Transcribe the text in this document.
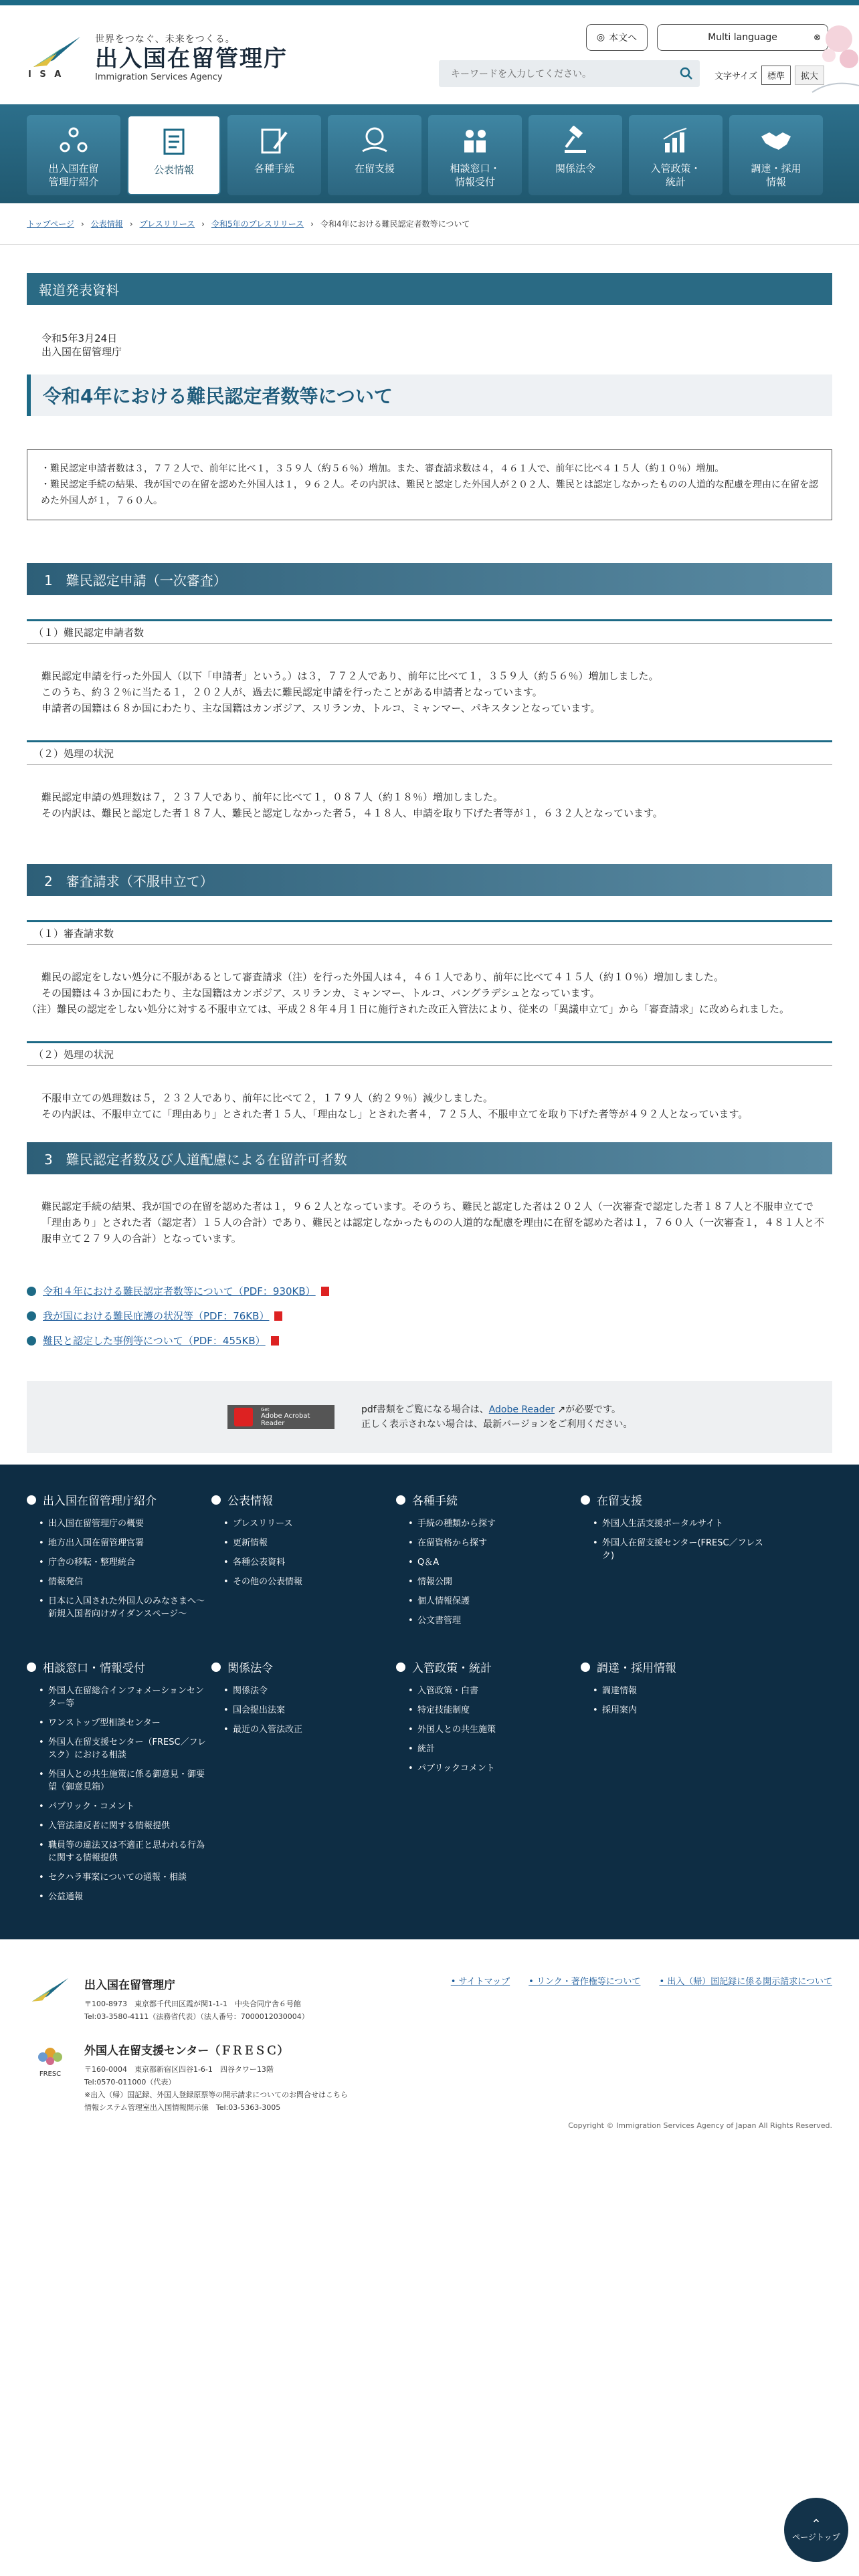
I S A
世界をつなぐ、未来をつくる。
出入国在留管理庁
Immigration Services Agency
◎ 本文へ	Multi language	⊗
キーワードを入力してください。	文字サイズ	標準	拡大
出入国在留
管理庁紹介
公表情報	各種手続	在留支援	相談窓口・
情報受付
関係法令	入管政策・
統計
調達・採用
情報
トップページ › 公表情報 › プレスリリース › 令和5年のプレスリリース › 令和4年における難民認定者数等について
報道発表資料
令和5年3月24日
出入国在留管理庁
令和4年における難民認定者数等について

・難民認定申請者数は３，７７２人で、前年に比べ１，３５９人（約５６％）増加。また、審査請求数は４，４６１人で、前年に比べ４１５人（約１０％）増加。

・難民認定手続の結果、我が国での在留を認めた外国人は１，９６２人。その内訳は、難民と認定した外国人が２０２人、難民とは認定しなかったものの人道的な配慮を理由に在留を認めた外国人が１，７６０人。

1　難民認定申請（一次審査）
（１）難民認定申請者数

難民認定申請を行った外国人（以下「申請者」という。）は３，７７２人であり、前年に比べて１，３５９人（約５６％）増加しました。

このうち、約３２％に当たる１，２０２人が、過去に難民認定申請を行ったことがある申請者となっています。

申請者の国籍は６８か国にわたり、主な国籍はカンボジア、スリランカ、トルコ、ミャンマー、パキスタンとなっています。

（２）処理の状況

難民認定申請の処理数は７，２３７人であり、前年に比べて１，０８７人（約１８％）増加しました。

その内訳は、難民と認定した者１８７人、難民と認定しなかった者５，４１８人、申請を取り下げた者等が１，６３２人となっています。

2　審査請求（不服申立て）
（１）審査請求数

難民の認定をしない処分に不服があるとして審査請求（注）を行った外国人は４，４６１人であり、前年に比べて４１５人（約１０％）増加しました。

その国籍は４３か国にわたり、主な国籍はカンボジア、スリランカ、ミャンマー、トルコ、バングラデシュとなっています。

（注）難民の認定をしない処分に対する不服申立ては、平成２８年４月１日に施行された改正入管法により、従来の「異議申立て」から「審査請求」に改められました。

（２）処理の状況

不服申立ての処理数は５，２３２人であり、前年に比べて２，１７９人（約２９％）減少しました。

その内訳は、不服申立てに「理由あり」とされた者１５人、「理由なし」とされた者４，７２５人、不服申立てを取り下げた者等が４９２人となっています。

3　難民認定者数及び人道配慮による在留許可者数

難民認定手続の結果、我が国での在留を認めた者は１，９６２人となっています。そのうち、難民と認定した者は２０２人（一次審査で認定した者１８７人と不服申立てで「理由あり」とされた者（認定者）１５人の合計）であり、難民とは認定しなかったものの人道的な配慮を理由に在留を認めた者は１，７６０人（一次審査１，４８１人と不服申立て２７９人の合計）となっています。

令和４年における難民認定者数等について（PDF：930KB）
我が国における難民庇護の状況等（PDF：76KB）
難民と認定した事例等について（PDF：455KB）
Get
Adobe Acrobat Reader
pdf書類をご覧になる場合は、Adobe Reader ↗が必要です。
正しく表示されない場合は、最新バージョンをご利用ください。
出入国在留管理庁紹介
• 出入国在留管理庁の概要
• 地方出入国在留管理官署
• 庁舎の移転・整理統合
• 情報発信
• 日本に入国された外国人のみなさまへ〜新規入国者向けガイダンスページ〜
公表情報
• プレスリリース
• 更新情報
• 各種公表資料
• その他の公表情報
各種手続
• 手続の種類から探す
• 在留資格から探す
• Q＆A
• 情報公開
• 個人情報保護
• 公文書管理
在留支援
• 外国人生活支援ポータルサイト
• 外国人在留支援センター(FRESC／フレスク)
相談窓口・情報受付
• 外国人在留総合インフォメーションセンター等
• ワンストップ型相談センター
• 外国人在留支援センター（FRESC／フレスク）における相談
• 外国人との共生施策に係る御意見・御要望（御意見箱）
• パブリック・コメント
• 入管法違反者に関する情報提供
• 職員等の違法又は不適正と思われる行為に関する情報提供
• セクハラ事案についての通報・相談
• 公益通報
関係法令
• 関係法令
• 国会提出法案
• 最近の入管法改正
入管政策・統計
• 入管政策・白書
• 特定技能制度
• 外国人との共生施策
• 統計
• パブリックコメント
調達・採用情報
• 調達情報
• 採用案内
出入国在留管理庁
〒100-8973　東京都千代田区霞が関1-1-1　中央合同庁舎６号館
Tel:03-3580-4111（法務省代表）（法人番号：7000012030004）
FRESC
外国人在留支援センター（ＦＲＥＳＣ）
〒160-0004　東京都新宿区四谷1-6-1　四谷タワー13階
Tel:0570-011000（代表）
※出入（帰）国記録、外国人登録原票等の開示請求についてのお問合せはこちら
情報システム管理室出入国情報開示係　Tel:03-5363-3005
• サイトマップ • リンク・著作権等について • 出入（帰）国記録に係る開示請求について
Copyright © Immigration Services Agency of Japan All Rights Reserved.
⌃
ページトップ
